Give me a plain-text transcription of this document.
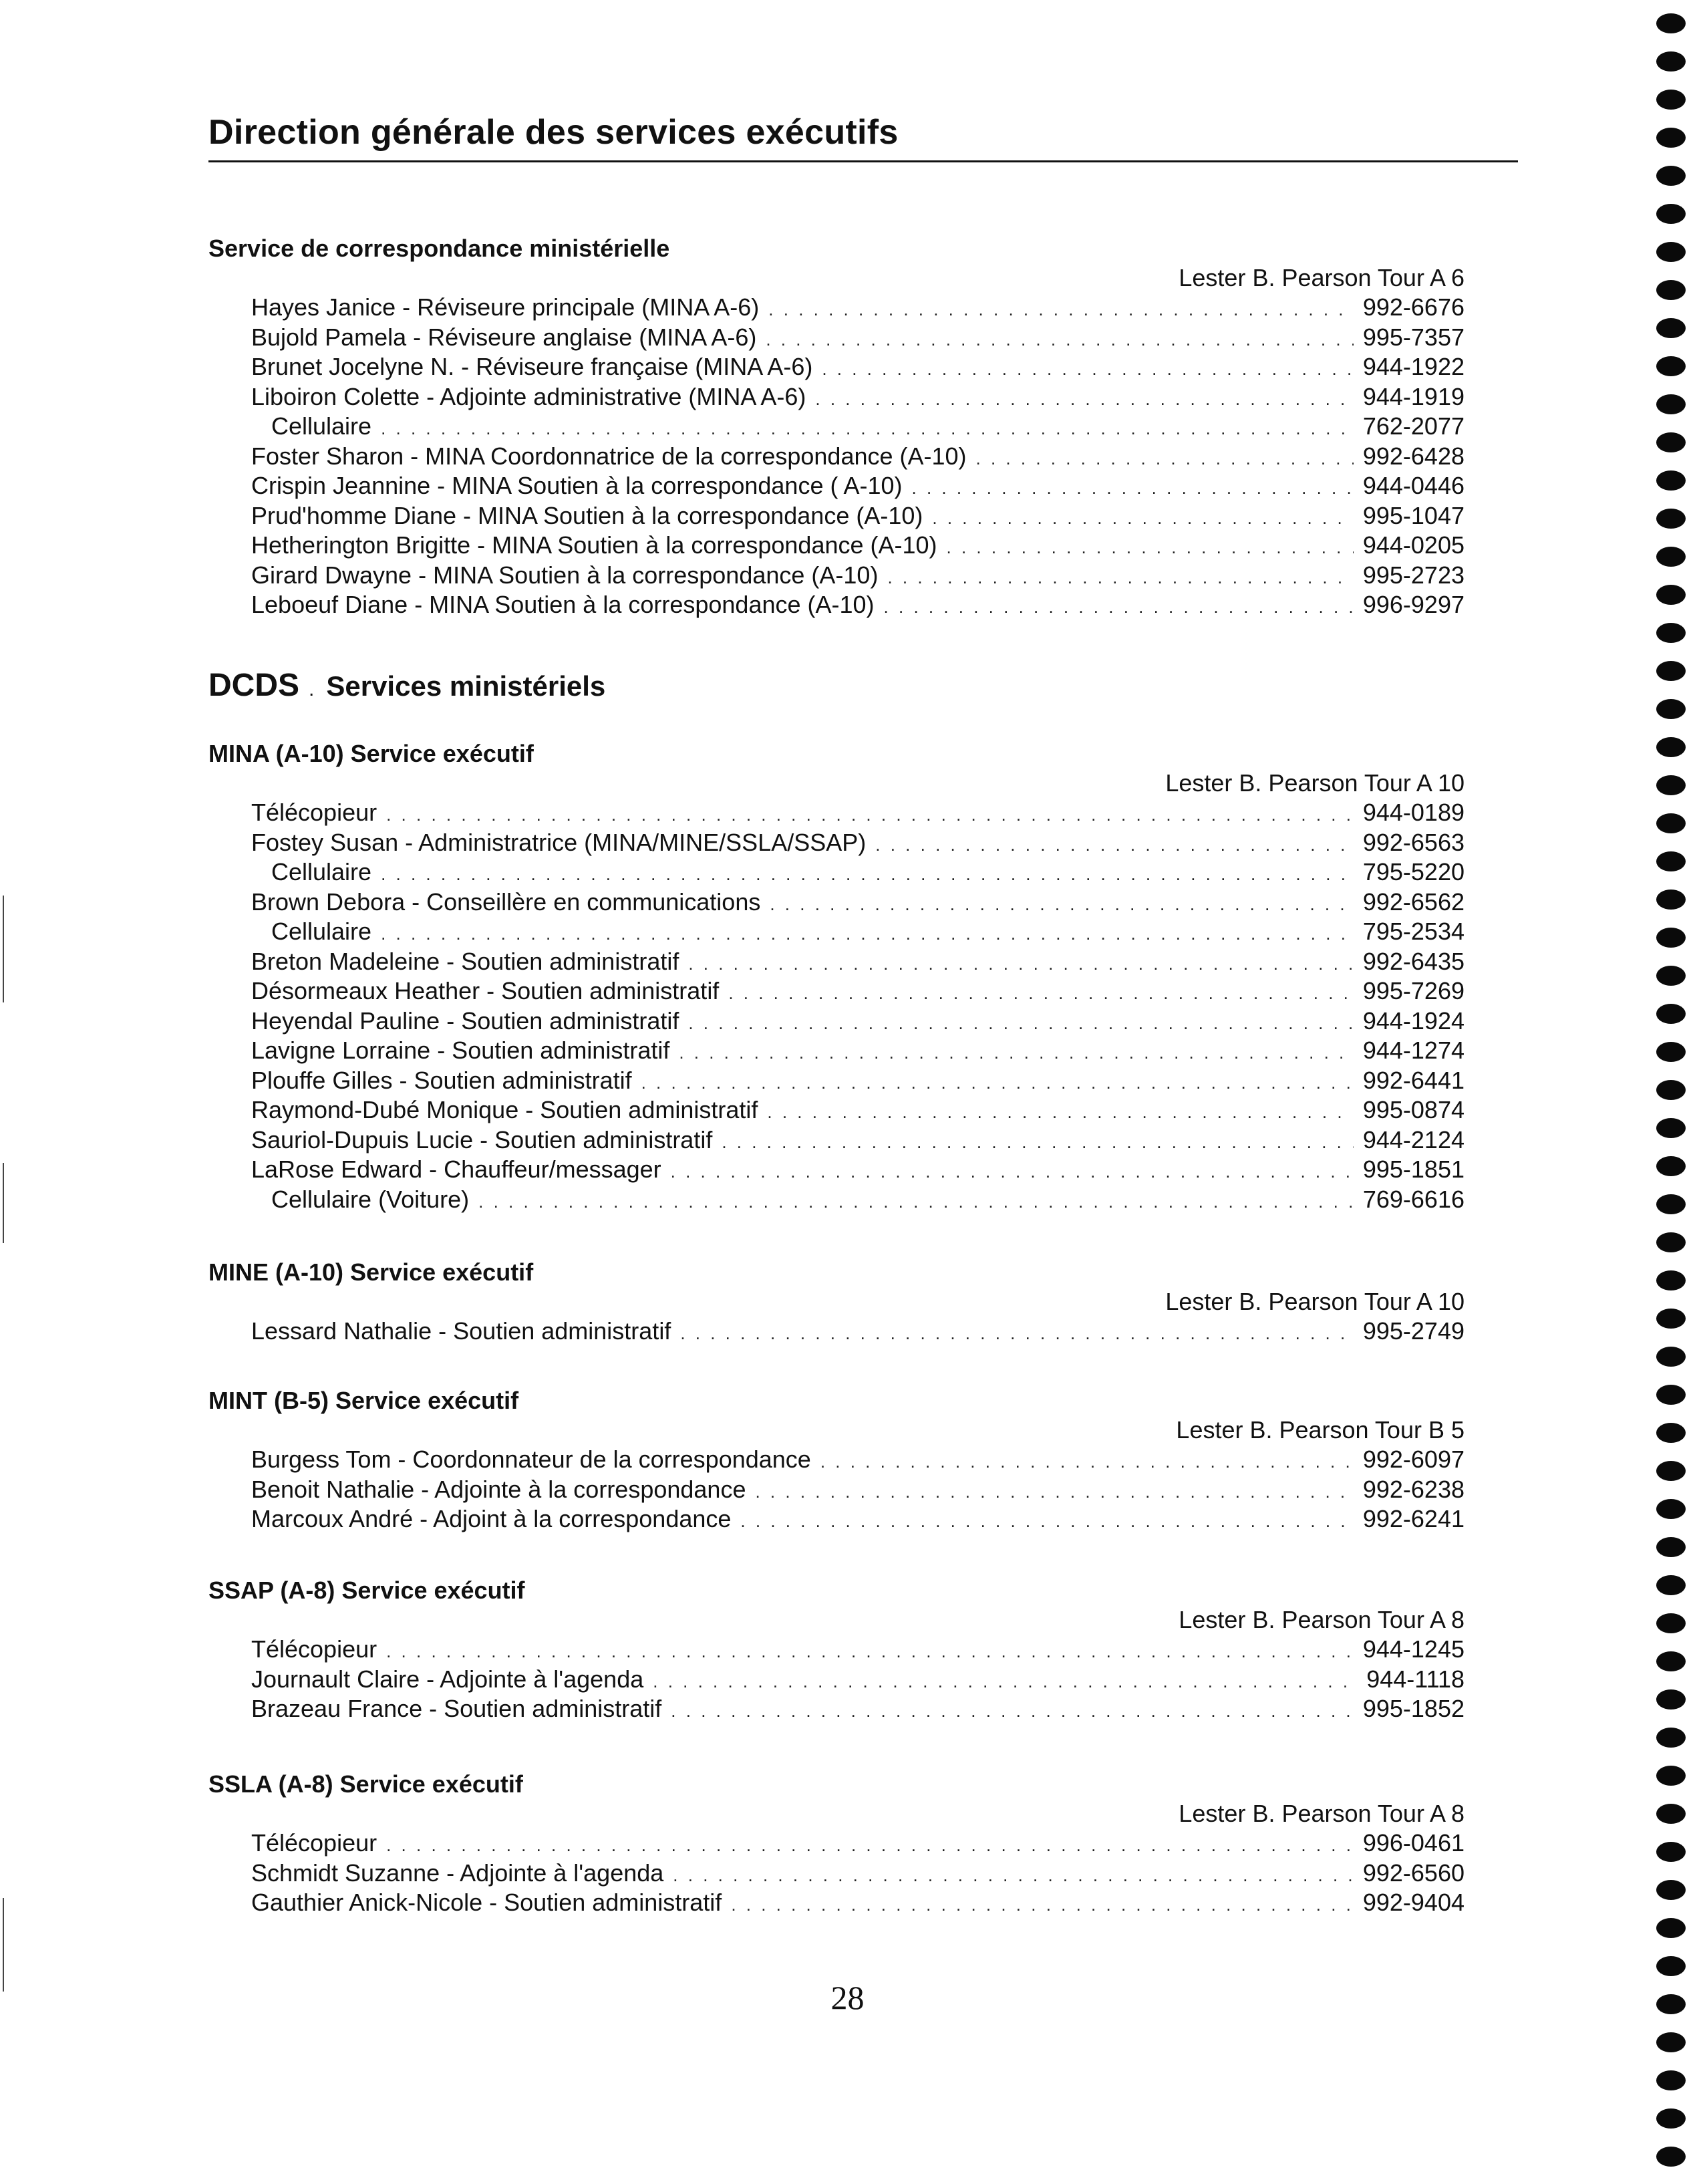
Direction générale des services exécutifs
Service de correspondance ministérielle
Lester B. Pearson Tour A 6
Hayes Janice - Réviseure principale (MINA A-6) . . .	992-6676
Bujold Pamela - Réviseure anglaise (MINA A-6) . . .	995-7357
Brunet Jocelyne N. - Réviseure française (MINA A-6) . . .	944-1922
Liboiron Colette - Adjointe administrative (MINA A-6) . . .	944-1919
Cellulaire . . .	762-2077
Foster Sharon - MINA Coordonnatrice de la correspondance (A-10) . . .	992-6428
Crispin Jeannine - MINA Soutien à la correspondance ( A-10) . . .	944-0446
Prud'homme Diane - MINA Soutien à la correspondance (A-10) . . .	995-1047
Hetherington Brigitte - MINA Soutien à la correspondance (A-10) . . .	944-0205
Girard Dwayne - MINA Soutien à la correspondance (A-10) . . .	995-2723
Leboeuf Diane - MINA Soutien à la correspondance (A-10) . . .	996-9297
DCDS . Services ministériels
MINA (A-10) Service exécutif
Lester B. Pearson Tour A 10
Télécopieur . . .	944-0189
Fostey Susan - Administratrice (MINA/MINE/SSLA/SSAP) . . .	992-6563
Cellulaire . . .	795-5220
Brown Debora - Conseillère en communications . . .	992-6562
Cellulaire . . .	795-2534
Breton Madeleine - Soutien administratif . . .	992-6435
Désormeaux Heather - Soutien administratif . . .	995-7269
Heyendal Pauline - Soutien administratif . . .	944-1924
Lavigne Lorraine - Soutien administratif . . .	944-1274
Plouffe Gilles - Soutien administratif . . .	992-6441
Raymond-Dubé Monique - Soutien administratif . . .	995-0874
Sauriol-Dupuis Lucie - Soutien administratif . . .	944-2124
LaRose Edward - Chauffeur/messager . . .	995-1851
Cellulaire (Voiture) . . .	769-6616
MINE (A-10) Service exécutif
Lester B. Pearson Tour A 10
Lessard Nathalie - Soutien administratif . . .	995-2749
MINT (B-5) Service exécutif
Lester B. Pearson Tour B 5
Burgess Tom - Coordonnateur de la correspondance . . .	992-6097
Benoit Nathalie - Adjointe à la correspondance . . .	992-6238
Marcoux André - Adjoint à la correspondance . . .	992-6241
SSAP (A-8) Service exécutif
Lester B. Pearson Tour A 8
Télécopieur . . .	944-1245
Journault Claire - Adjointe à l'agenda . . .	944-1118
Brazeau France - Soutien administratif . . .	995-1852
SSLA (A-8) Service exécutif
Lester B. Pearson Tour A 8
Télécopieur . . .	996-0461
Schmidt Suzanne - Adjointe à l'agenda . . .	992-6560
Gauthier Anick-Nicole - Soutien administratif . . .	992-9404
28
